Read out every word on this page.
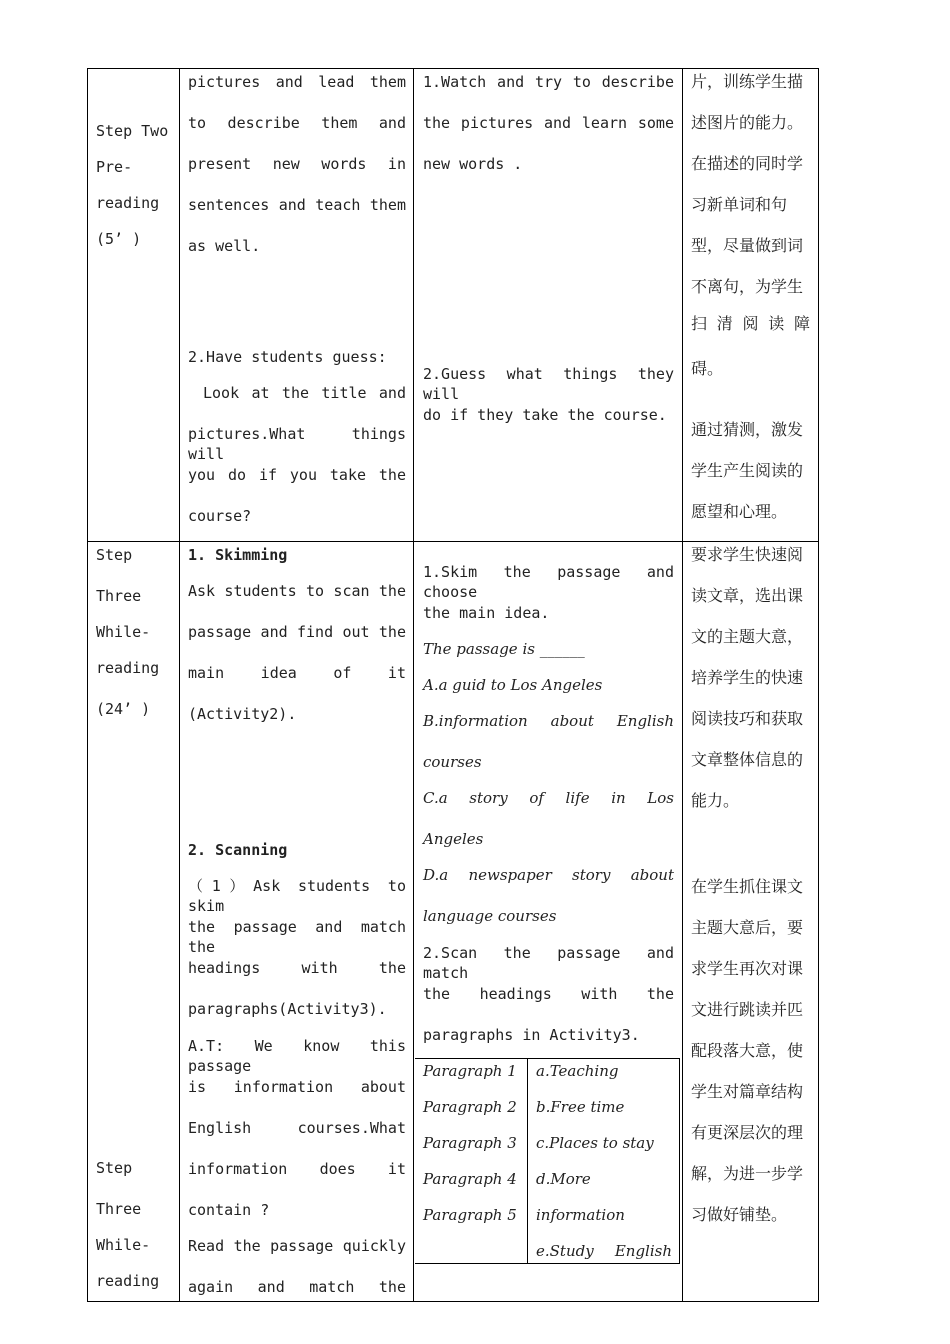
Step Two
Pre-
reading
(5’ )
pictures and lead them
to describe them and
present new words in
sentences and teach them
as well.
2.Have students guess:
Look at the title and
pictures.What things will
you do if you take the
course?
1.Watch and try to describe
the pictures and learn some
new words .
2.Guess what things they will
do if they take the course.
片，训练学生描
述图片的能力。
在描述的同时学
习新单词和句
型，尽量做到词
不离句，为学生
扫 清 阅 读 障
碍。
通过猜测，激发
学生产生阅读的
愿望和心理。
Step
Three
While-
reading
(24’ )
Step
Three
While-
reading
1. Skimming
Ask students to scan the
passage and find out the
main idea of it
(Activity2).
2. Scanning
（1）Ask students to skim
the passage and match the
headings with the
paragraphs(Activity3).
A.T: We know this passage
is information about
English courses.What
information does it
contain ?
Read the passage quickly
again and match the
1.Skim the passage and choose
the main idea.
The passage is ______
A.a guid to Los Angeles
B.information about English
courses
C.a story of life in Los
Angeles
D.a newspaper story about
language courses
2.Scan the passage and match
the headings with the
paragraphs in Activity3.
Paragraph 1
Paragraph 2
Paragraph 3
Paragraph 4
Paragraph 5
a.Teaching
b.Free time
c.Places to stay
d.More
information
e.Study English
要求学生快速阅
读文章，选出课
文的主题大意，
培养学生的快速
阅读技巧和获取
文章整体信息的
能力。
在学生抓住课文
主题大意后，要
求学生再次对课
文进行跳读并匹
配段落大意，使
学生对篇章结构
有更深层次的理
解，为进一步学
习做好铺垫。
